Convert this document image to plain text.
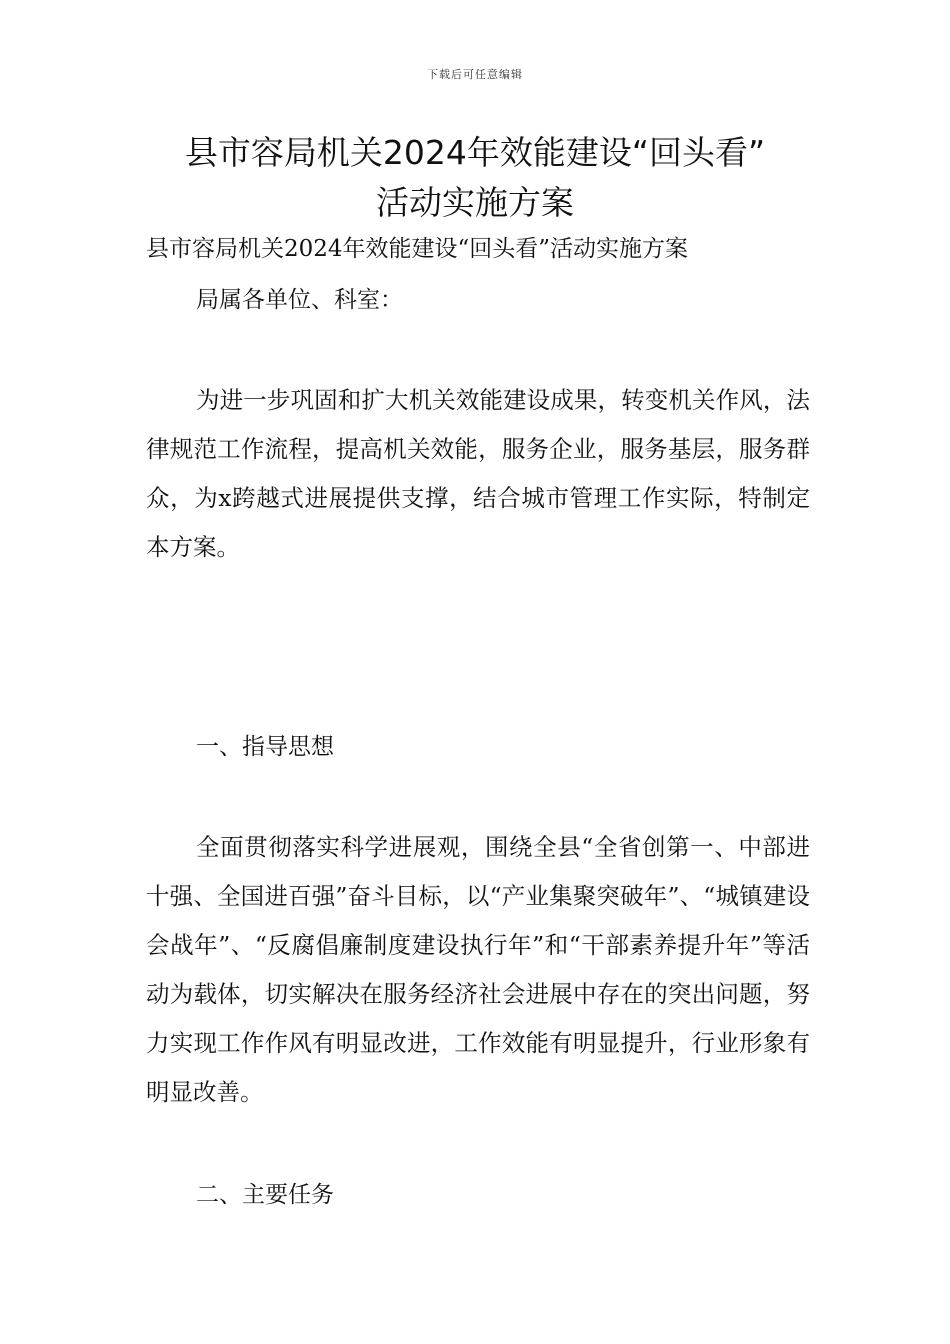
下载后可任意编辑
县市容局机关2024年效能建设“回头看”
活动实施方案
县市容局机关2024年效能建设“回头看”活动实施方案
局属各单位、科室：

为进一步巩固和扩大机关效能建设成果，转变机关作风，法律规范工作流程，提高机关效能，服务企业，服务基层，服务群众，为x跨越式进展提供支撑，结合城市管理工作实际，特制定本方案。

一、指导思想

全面贯彻落实科学进展观，围绕全县“全省创第一、中部进十强、全国进百强”奋斗目标，以“产业集聚突破年”、“城镇建设会战年”、“反腐倡廉制度建设执行年”和“干部素养提升年”等活动为载体，切实解决在服务经济社会进展中存在的突出问题，努力实现工作作风有明显改进，工作效能有明显提升，行业形象有明显改善。

二、主要任务
